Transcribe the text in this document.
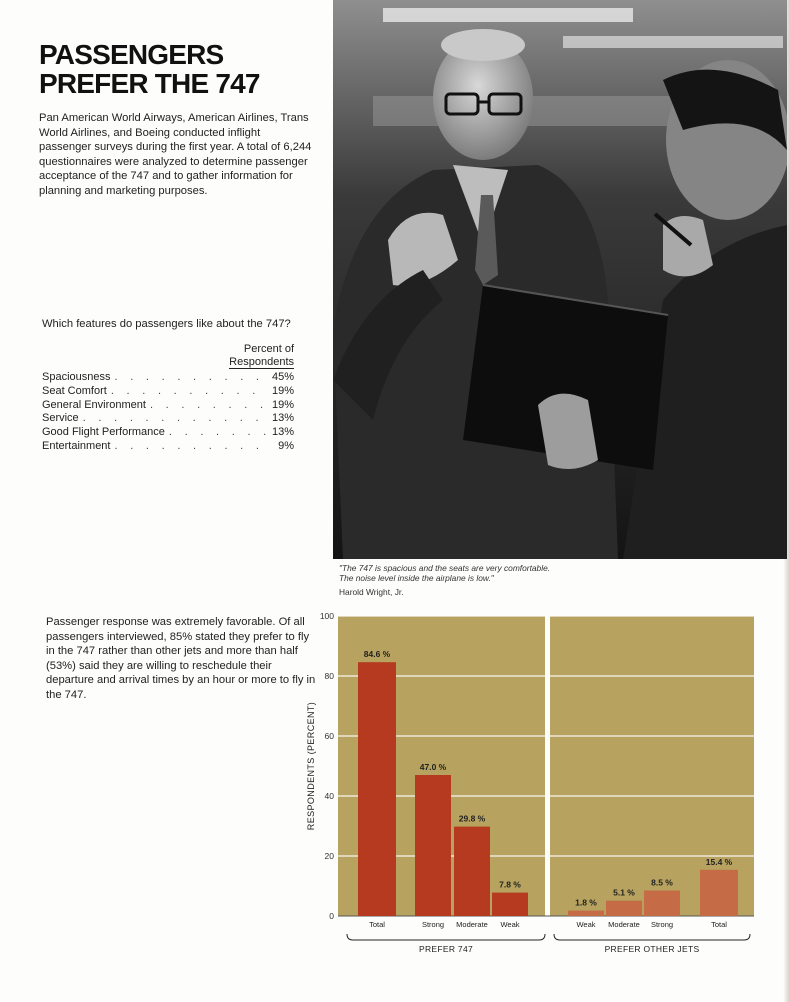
PASSENGERS PREFER THE 747

Pan American World Airways, American Airlines, Trans World Airlines, and Boeing conducted inflight passenger surveys during the first year. A total of 6,244 questionnaires were analyzed to determine passenger acceptance of the 747 and to gather information for planning and marketing purposes.

Which features do passengers like about the 747?
Percent of
Respondents
Spaciousness . . .	45%
Seat Comfort . . .	19%
General Environment . . .	19%
Service . . .	13%
Good Flight Performance . . .	13%
Entertainment . . .	9%
"The 747 is spacious and the seats are very comfortable.
The noise level inside the airplane is low."
Harold Wright, Jr.

Passenger response was extremely favorable. Of all passengers interviewed, 85% stated they prefer to fly in the 747 rather than other jets and more than half (53%) said they are willing to reschedule their departure and arrival times by an hour or more to fly in the 747.

0
20
40
60
80
100
RESPONDENTS (PERCENT)
84.6 %
Total
47.0 %
Strong
29.8 %
Moderate
7.8 %
Weak
PREFER 747
1.8 %
Weak
5.1 %
Moderate
8.5 %
Strong
15.4 %
Total
PREFER OTHER JETS
